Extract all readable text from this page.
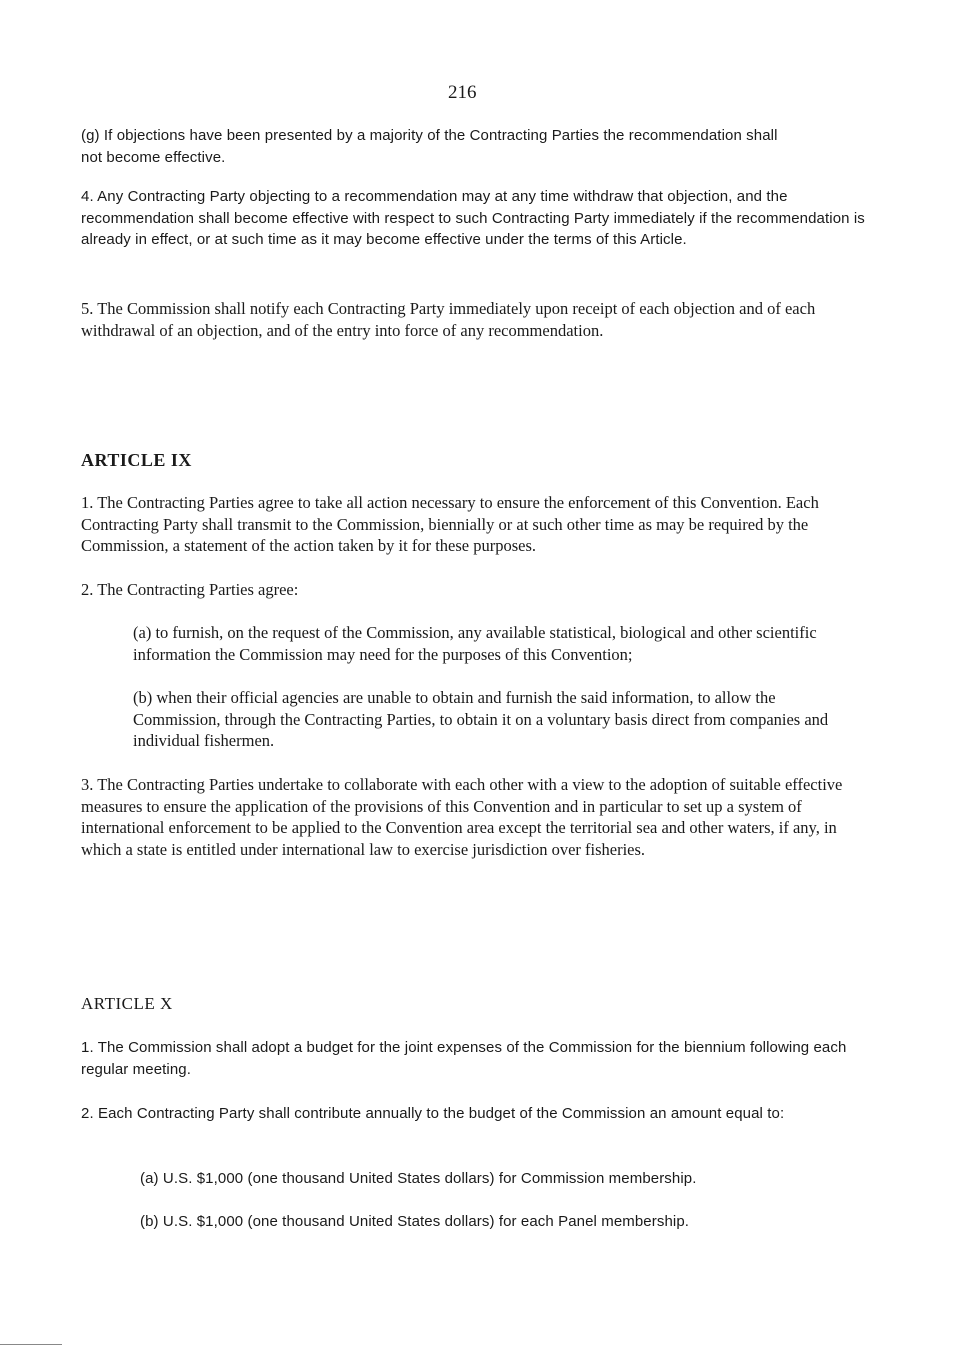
216
(g) If objections have been presented by a majority of the Contracting Parties the recommendation shall not become effective.
4. Any Contracting Party objecting to a recommendation may at any time withdraw that objection, and the recommendation shall become effective with respect to such Contracting Party immediately if the recommendation is already in effect, or at such time as it may become effective under the terms of this Article.
5. The Commission shall notify each Contracting Party immediately upon receipt of each objection and of each withdrawal of an objection, and of the entry into force of any recommendation.
ARTICLE IX
1. The Contracting Parties agree to take all action necessary to ensure the enforcement of this Convention. Each Contracting Party shall transmit to the Commission, biennially or at such other time as may be required by the Commission, a statement of the action taken by it for these purposes.
2. The Contracting Parties agree:
(a) to furnish, on the request of the Commission, any available statistical, biological and other scientific information the Commission may need for the purposes of this Convention;
(b) when their official agencies are unable to obtain and furnish the said information, to allow the Commission, through the Contracting Parties, to obtain it on a voluntary basis direct from companies and individual fishermen.
3. The Contracting Parties undertake to collaborate with each other with a view to the adoption of suitable effective measures to ensure the application of the provisions of this Convention and in particular to set up a system of international enforcement to be applied to the Convention area except the territorial sea and other waters, if any, in which a state is entitled under international law to exercise jurisdiction over fisheries.
ARTICLE X
1. The Commission shall adopt a budget for the joint expenses of the Commission for the biennium following each regular meeting.
2. Each Contracting Party shall contribute annually to the budget of the Commission an amount equal to:
(a) U.S. $1,000 (one thousand United States dollars) for Commission membership.
(b) U.S. $1,000 (one thousand United States dollars) for each Panel membership.
